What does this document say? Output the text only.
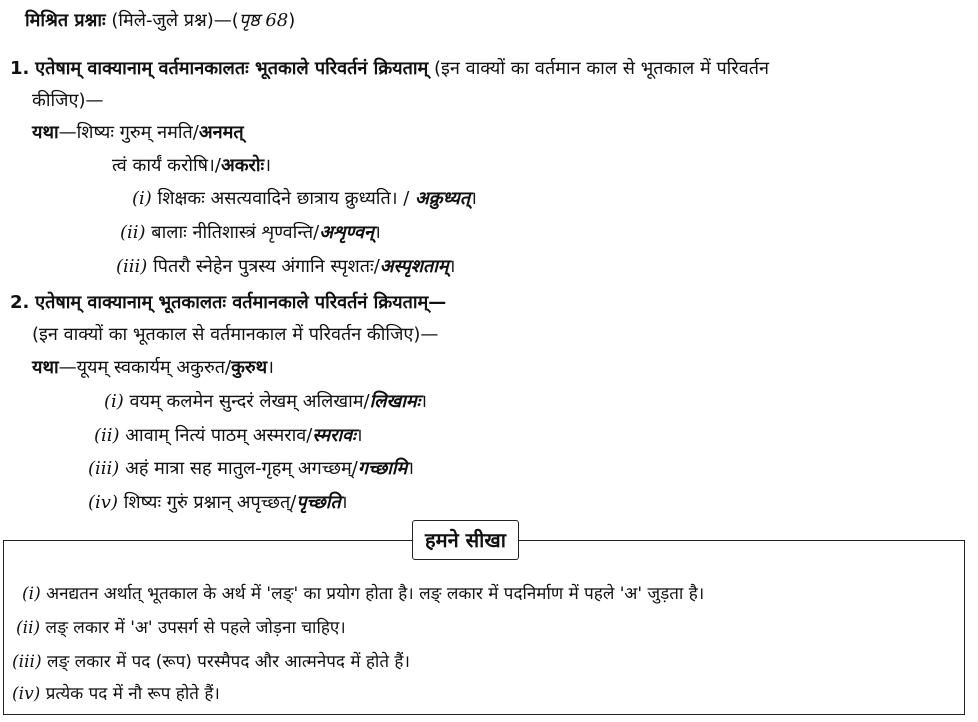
मिश्रित प्रश्नाः (मिले-जुले प्रश्न)—(पृष्ठ 68)
1. एतेषाम् वाक्यानाम् वर्तमानकालतः भूतकाले परिवर्तनं क्रियताम् (इन वाक्यों का वर्तमान काल से भूतकाल में परिवर्तन
कीजिए)—
यथा—शिष्यः गुरुम् नमति/अनमत्
त्वं कार्यं करोषि।/अकरोः।
(i) शिक्षकः असत्यवादिने छात्राय क्रुध्यति। / अक्रुध्यत्।
(ii) बालाः नीतिशास्त्रं शृण्वन्ति/अशृण्वन्।
(iii) पितरौ स्नेहेन पुत्रस्य अंगानि स्पृशतः/अस्पृशताम्।
2. एतेषाम् वाक्यानाम् भूतकालतः वर्तमानकाले परिवर्तनं क्रियताम्—
(इन वाक्यों का भूतकाल से वर्तमानकाल में परिवर्तन कीजिए)—
यथा—यूयम् स्वकार्यम् अकुरुत/कुरुथ।
(i) वयम् कलमेन सुन्दरं लेखम् अलिखाम/लिखामः।
(ii) आवाम् नित्यं पाठम् अस्मराव/स्मरावः।
(iii) अहं मात्रा सह मातुल-गृहम् अगच्छम्/गच्छामि।
(iv) शिष्यः गुरुं प्रश्नान् अपृच्छत्/पृच्छति।
हमने सीखा
(i) अनद्यतन अर्थात् भूतकाल के अर्थ में 'लङ्' का प्रयोग होता है। लङ् लकार में पदनिर्माण में पहले 'अ' जुड़ता है।
(ii) लङ् लकार में 'अ' उपसर्ग से पहले जोड़ना चाहिए।
(iii) लङ् लकार में पद (रूप) परस्मैपद और आत्मनेपद में होते हैं।
(iv) प्रत्येक पद में नौ रूप होते हैं।
